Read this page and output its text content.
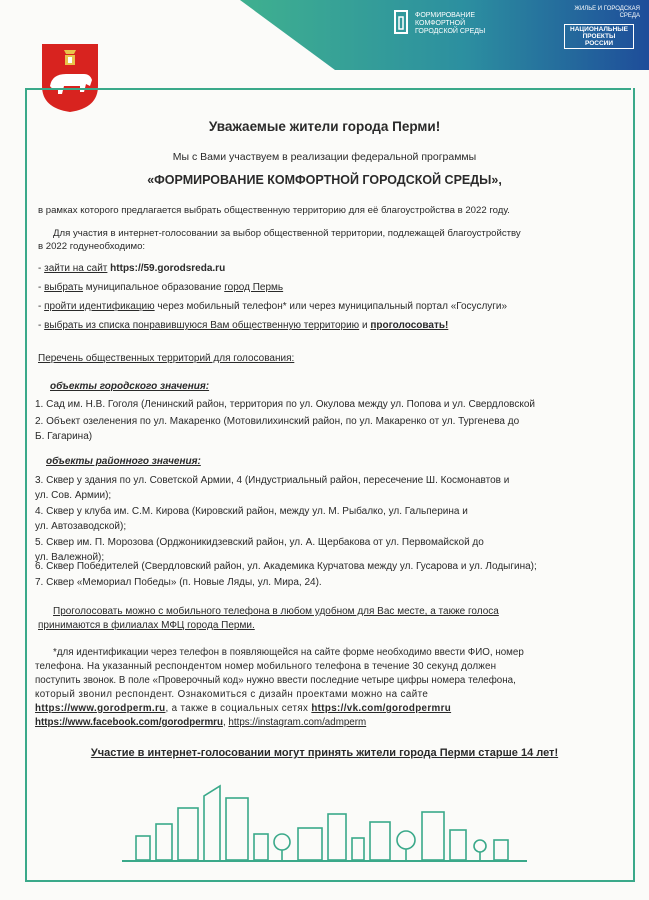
ФОРМИРОВАНИЕ КОМФОРТНОЙ ГОРОДСКОЙ СРЕДЫ
ЖИЛЬЕ И ГОРОДСКАЯ СРЕДА
НАЦИОНАЛЬНЫЕ ПРОЕКТЫ РОССИИ
Уважаемые жители города Перми!
Мы с Вами участвуем в реализации федеральной программы
«ФОРМИРОВАНИЕ КОМФОРТНОЙ ГОРОДСКОЙ СРЕДЫ»,
в рамках которого предлагается выбрать общественную территорию для её благоустройства в 2022 году.
Для участия в интернет-голосовании за выбор общественной территории, подлежащей благоустройству
в 2022 годунеобходимо:
- зайти на сайт https://59.gorodsreda.ru
- выбрать муниципальное образование город Пермь
- пройти идентификацию через мобильный телефон* или через муниципальный портал «Госуслуги»
- выбрать из списка понравившуюся Вам общественную территорию и проголосовать!
Перечень общественных территорий для голосования:
объекты городского значения:
1. Сад им. Н.В. Гоголя (Ленинский район, территория по ул. Окулова между ул. Попова и ул. Свердловской
2. Объект озеленения по ул. Макаренко (Мотовилихинский район, по ул. Макаренко от ул. Тургенева до
Б. Гагарина)
объекты районного значения:
3. Сквер у здания по ул. Советской Армии, 4 (Индустриальный район, пересечение Ш. Космонавтов и
ул. Сов. Армии);
4. Сквер у клуба им. С.М. Кирова (Кировский район, между ул. М. Рыбалко, ул. Гальперина и
ул. Автозаводской);
5. Сквер им. П. Морозова (Орджоникидзевский район, ул. А. Щербакова от ул. Первомайской до
ул. Валежной);
6. Сквер Победителей (Свердловский район, ул. Академика Курчатова между ул. Гусарова и ул. Лодыгина);
7. Сквер «Мемориал Победы» (п. Новые Ляды, ул. Мира, 24).
Проголосовать можно с мобильного телефона в любом удобном для Вас месте, а также голоса
принимаются в филиалах МФЦ города Перми.
*для идентификации через телефон в появляющейся на сайте форме необходимо ввести ФИО, номер
телефона. На указанный респондентом номер мобильного телефона в течение 30 секунд должен
поступить звонок. В поле «Проверочный код» нужно ввести последние четыре цифры номера телефона,
который звонил респондент. Ознакомиться с дизайн проектами можно на сайте
https://www.gorodperm.ru, а также в социальных сетях https://vk.com/gorodpermru
https://www.facebook.com/gorodpermru, https://instagram.com/admperm
Участие в интернет-голосовании могут принять жители города Перми старше 14 лет!
